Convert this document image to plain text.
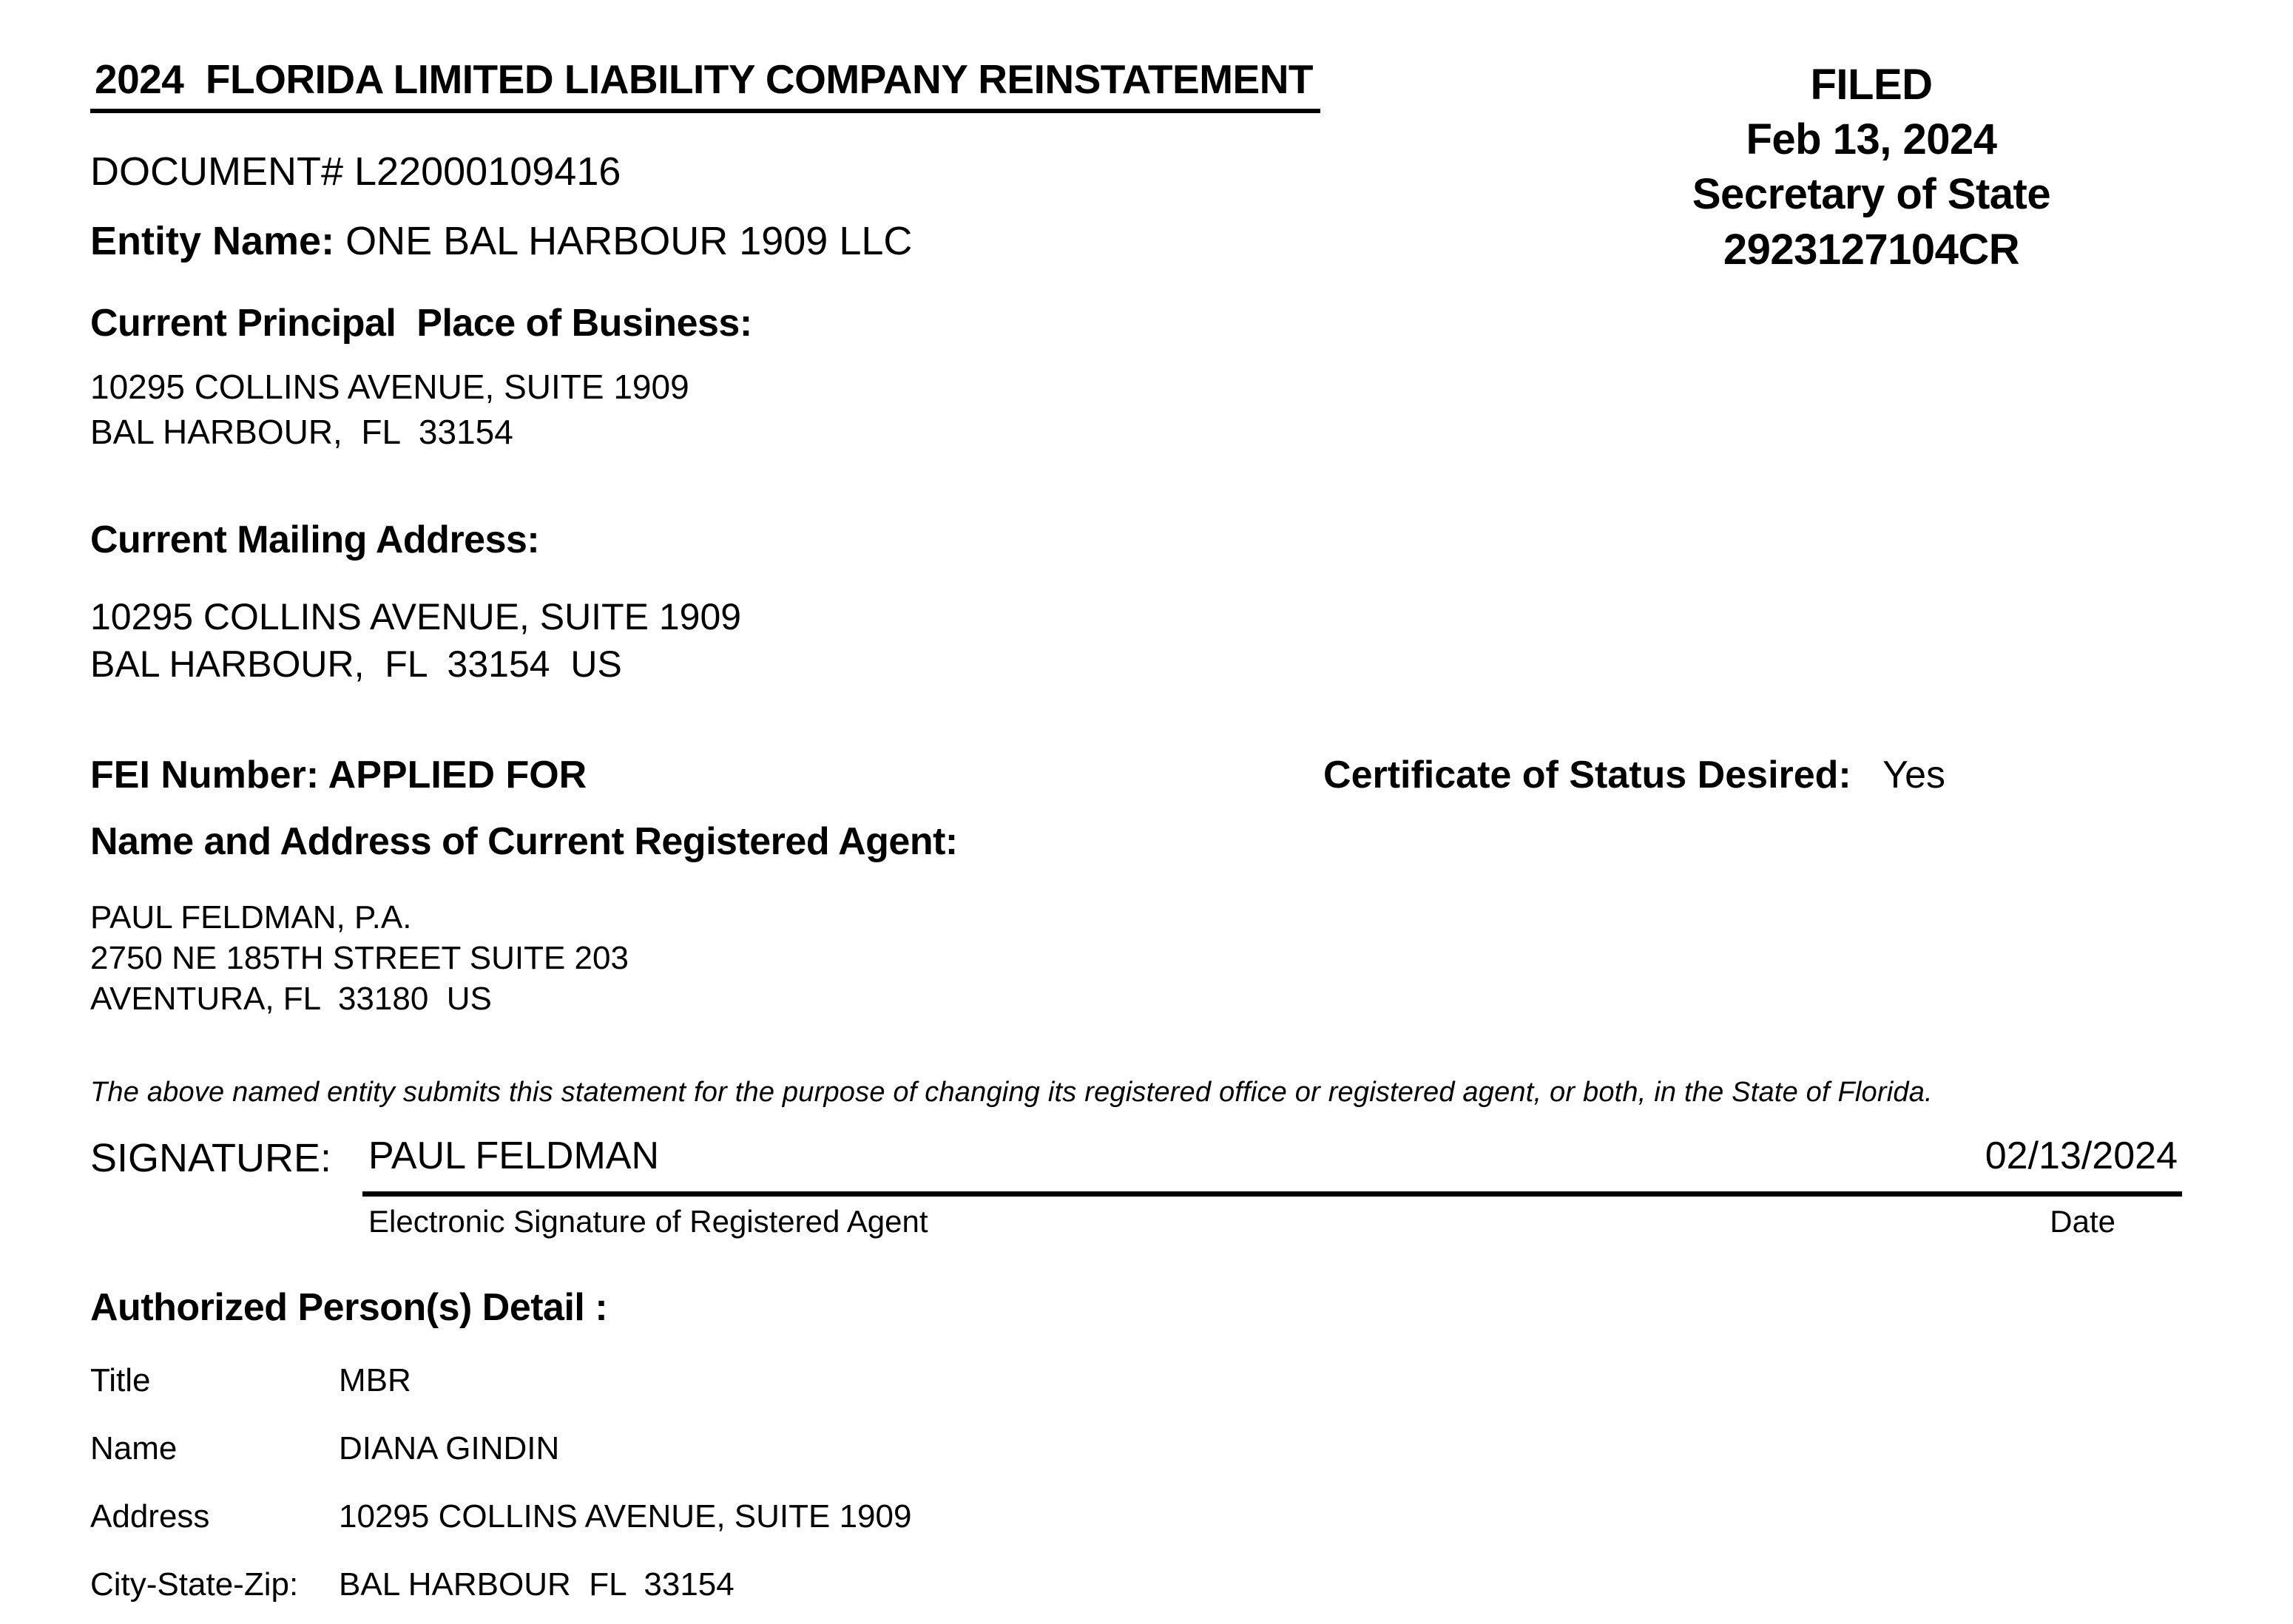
FILED
Feb 13, 2024
Secretary of State
2923127104CR
2024  FLORIDA LIMITED LIABILITY COMPANY REINSTATEMENT
DOCUMENT# L22000109416
Entity Name: ONE BAL HARBOUR 1909 LLC
Current Principal  Place of Business:
10295 COLLINS AVENUE, SUITE 1909
BAL HARBOUR,  FL  33154
Current Mailing Address:
10295 COLLINS AVENUE, SUITE 1909
BAL HARBOUR,  FL  33154  US
FEI Number: APPLIED FOR	Certificate of Status Desired:   Yes
Name and Address of Current Registered Agent:
PAUL FELDMAN, P.A.
2750 NE 185TH STREET SUITE 203
AVENTURA, FL  33180  US
The above named entity submits this statement for the purpose of changing its registered office or registered agent, or both, in the State of Florida.
SIGNATURE: PAUL FELDMAN	02/13/2024
Electronic Signature of Registered Agent	Date
Authorized Person(s) Detail :
Title	MBR
Name	DIANA GINDIN
Address	10295 COLLINS AVENUE, SUITE 1909
City-State-Zip:	BAL HARBOUR  FL  33154
